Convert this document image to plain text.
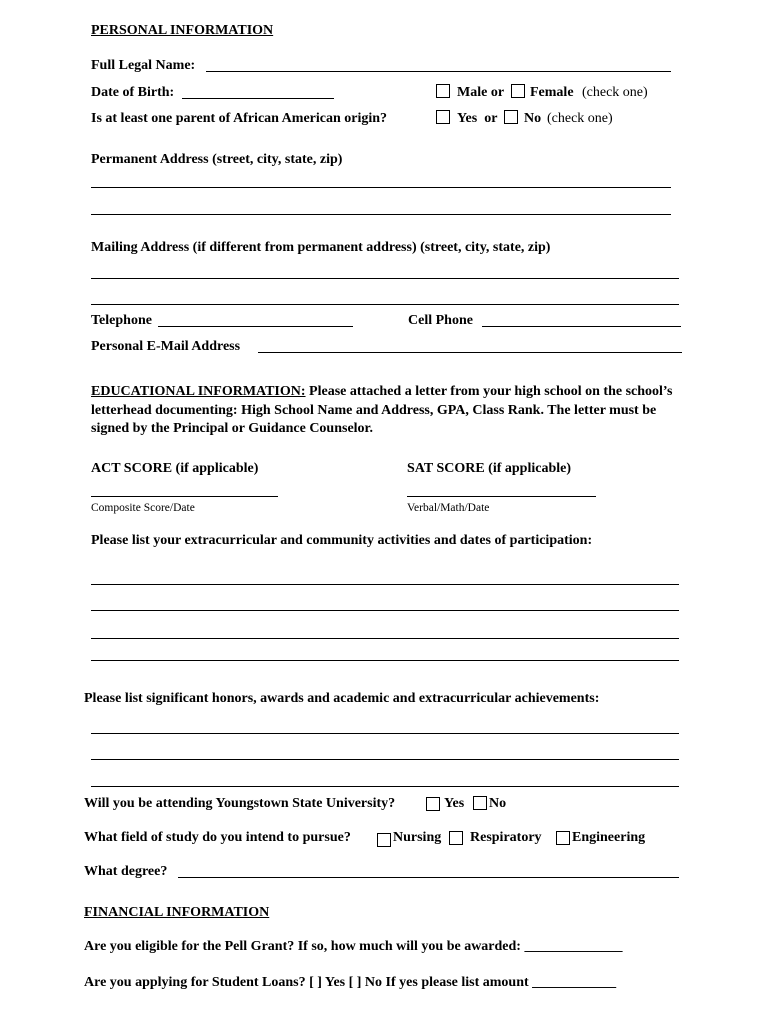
PERSONAL INFORMATION
Full Legal Name:
Date of Birth:	Male or Female (check one)
Is at least one parent of African American origin?	Yes  or No (check one)
Permanent Address (street, city, state, zip)
Mailing Address (if different from permanent address) (street, city, state, zip)
Telephone	Cell Phone
Personal E-Mail Address
EDUCATIONAL INFORMATION: Please attached a letter from your high school on the school’s letterhead documenting: High School Name and Address, GPA, Class Rank. The letter must be signed by the Principal or Guidance Counselor.
ACT SCORE (if applicable)	SAT SCORE (if applicable)
Composite Score/Date	Verbal/Math/Date
Please list your extracurricular and community activities and dates of participation:
Please list significant honors, awards and academic and extracurricular achievements:
Will you be attending Youngstown State University?	Yes No
What field of study do you intend to pursue?	Nursing Respiratory Engineering
What degree?
FINANCIAL INFORMATION
Are you eligible for the Pell Grant? If so, how much will you be awarded: ______________
Are you applying for Student Loans? [ ] Yes [ ] No If yes please list amount ____________
